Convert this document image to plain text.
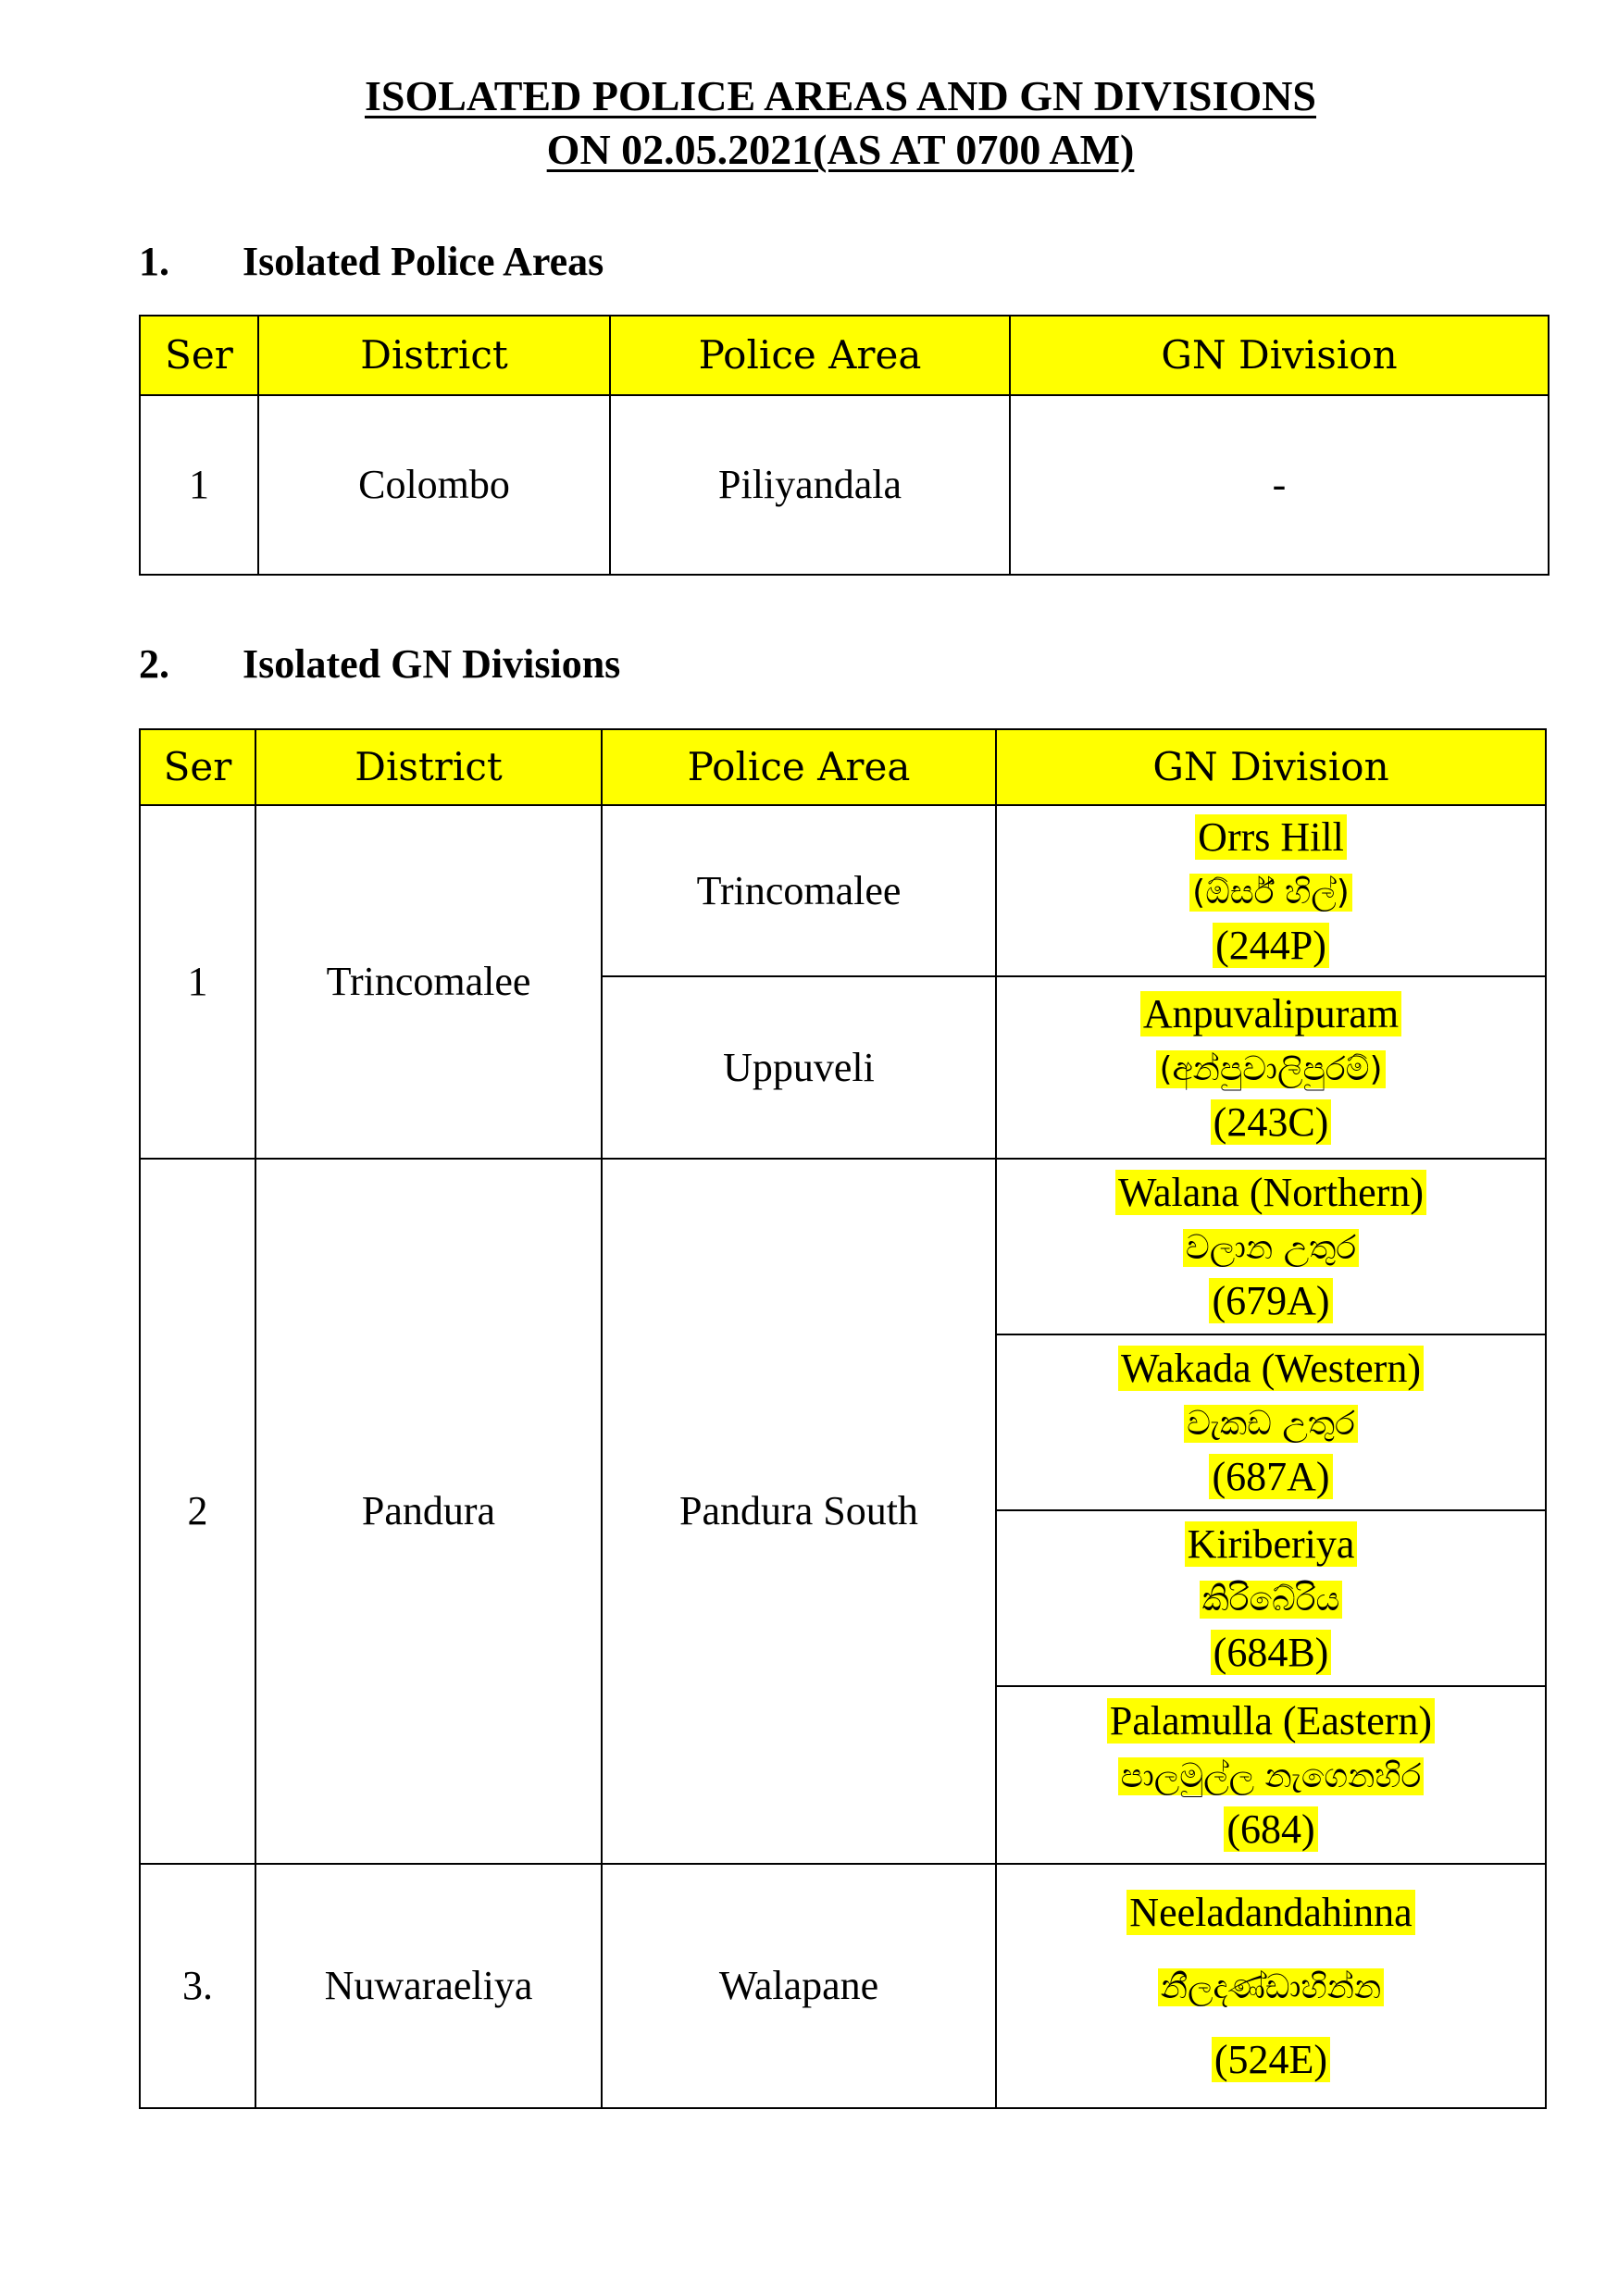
ISOLATED POLICE AREAS AND GN DIVISIONS
ON 02.05.2021(AS AT 0700 AM)
1. Isolated Police Areas
Ser	District	Police Area	GN Division
1	Colombo	Piliyandala	-
2. Isolated GN Divisions
Ser	District	Police Area	GN Division
1	Trincomalee	Trincomalee	Orrs Hill
(ඕර්ස් හිල්)
(244P)
		Uppuveli	Anpuvalipuram
(අන්පුවාලිපුරම්)
(243C)
2	Pandura	Pandura South	Walana (Northern)
වලාන උතුර
(679A)
			Wakada (Western)
වැකඩ උතුර
(687A)
			Kiriberiya
කිරිබේරිය
(684B)
			Palamulla (Eastern)
පාලමුල්ල නැගෙනහිර
(684)
3.	Nuwaraeliya	Walapane	Neeladandahinna
නීලදණ්ඩාහින්න
(524E)
